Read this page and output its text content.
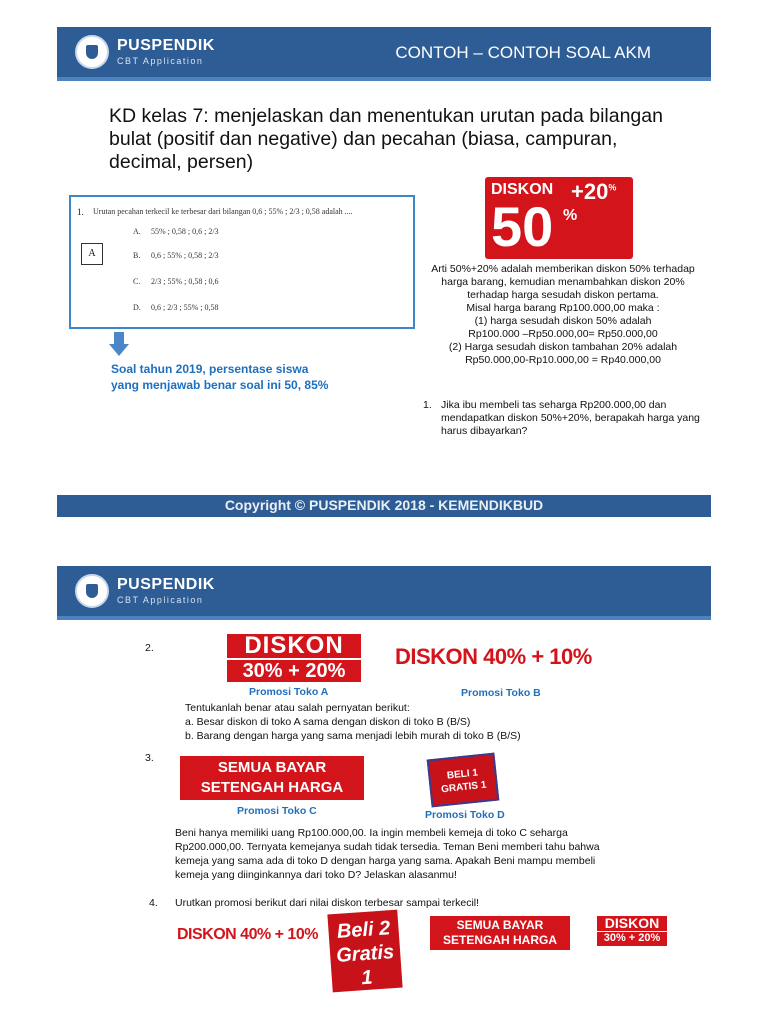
PUSPENDIK
CBT Application	CONTOH – CONTOH SOAL AKM
KD kelas 7: menjelaskan dan menentukan urutan pada bilangan bulat (positif dan negative) dan pecahan (biasa, campuran, decimal, persen)
1. Urutan pecahan terkecil ke terbesar dari bilangan 0,6 ; 55% ; 2/3 ; 0,58 adalah ....
A
A. 55% ; 0,58 ; 0,6 ; 2/3
B. 0,6 ; 55% ; 0,58 ; 2/3
C. 2/3 ; 55% ; 0,58 ; 0,6
D. 0,6 ; 2/3 ; 55% ; 0,58
Soal tahun 2019, persentase siswa yang menjawab benar soal ini 50, 85%
DISKON +20%
50 %
Arti 50%+20% adalah memberikan diskon 50% terhadap harga barang, kemudian menambahkan diskon 20% terhadap harga sesudah diskon pertama.
Misal harga barang Rp100.000,00 maka :
(1) harga sesudah diskon 50% adalah
Rp100.000 –Rp50.000,00= Rp50.000,00
(2) Harga sesudah diskon tambahan 20% adalah
Rp50.000,00-Rp10.000,00 = Rp40.000,00
1. Jika ibu membeli tas seharga Rp200.000,00 dan mendapatkan diskon 50%+20%, berapakah harga yang harus dibayarkan?
Copyright © PUSPENDIK 2018 - KEMENDIKBUD
PUSPENDIK
CBT Application
2.	DISKON
30% + 20%
Promosi Toko A
DISKON 40% + 10%
Promosi Toko B
Tentukanlah benar atau salah pernyatan berikut:
a. Besar diskon di toko A sama dengan diskon di toko B (B/S)
b. Barang dengan harga yang sama menjadi lebih murah di toko B (B/S)
3.
SEMUA BAYAR
SETENGAH HARGA
Promosi Toko C
BELI 1
GRATIS 1
Promosi Toko D
Beni hanya memiliki uang Rp100.000,00. Ia ingin membeli kemeja di toko C seharga Rp200.000,00. Ternyata kemejanya sudah tidak tersedia. Teman Beni memberi tahu bahwa kemeja yang sama ada di toko D dengan harga yang sama. Apakah Beni mampu membeli kemeja yang diinginkannya dari toko D? Jelaskan alasanmu!
4. Urutkan promosi berikut dari nilai diskon terbesar sampai terkecil!
DISKON 40% + 10% Beli 2
Gratis 1
SEMUA BAYAR
SETENGAH HARGA
DISKON
30% + 20%
